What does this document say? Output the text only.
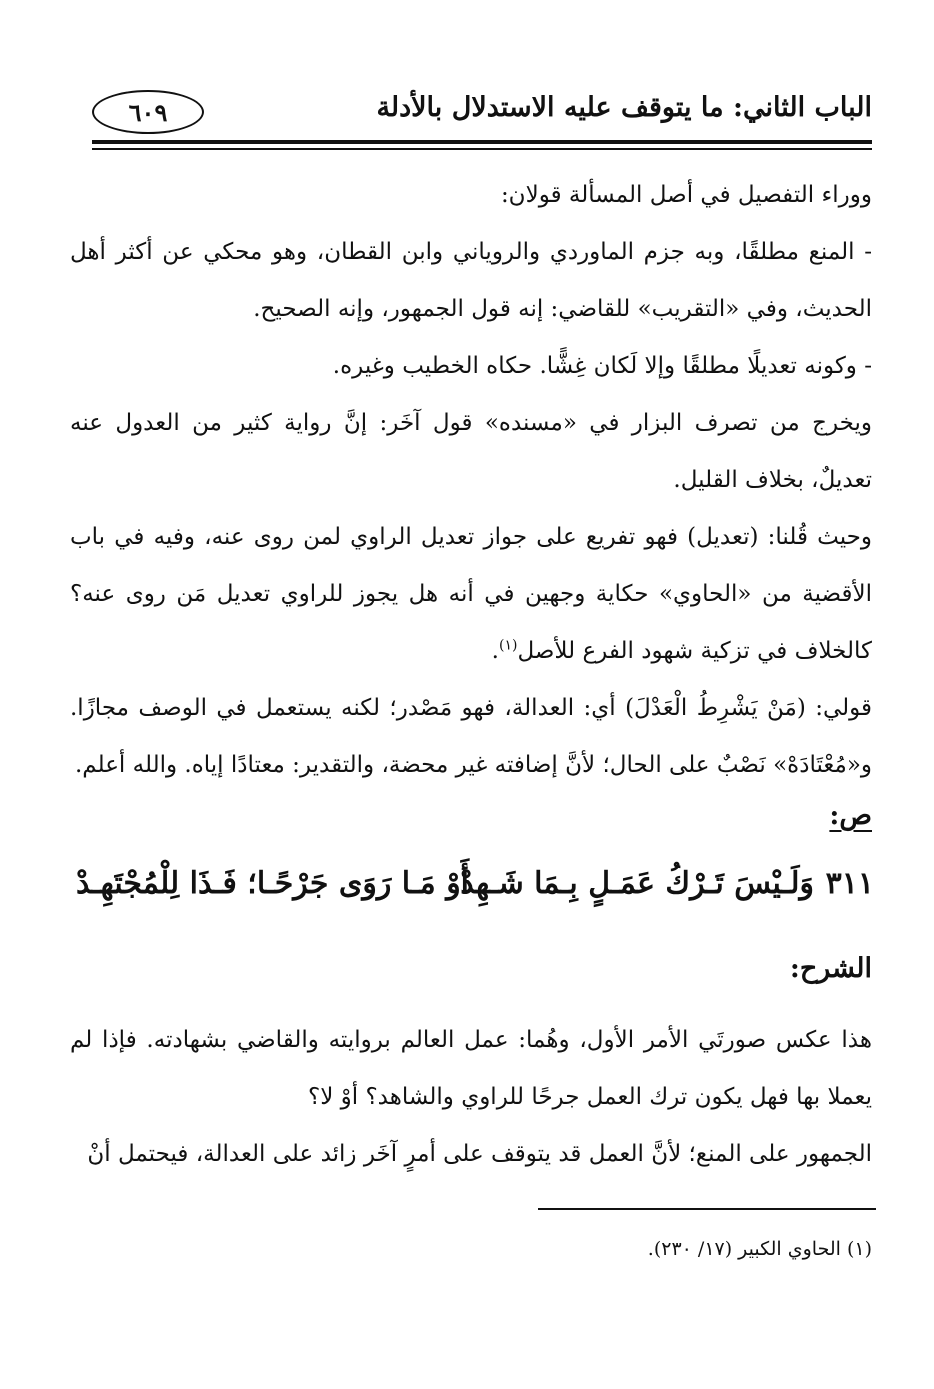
الباب الثاني: ما يتوقف عليه الاستدلال بالأدلة
٦٠٩

ووراء التفصيل في أصل المسألة قولان:

- المنع مطلقًا، وبه جزم الماوردي والروياني وابن القطان، وهو محكي عن أكثر أهل الحديث، وفي «التقريب» للقاضي: إنه قول الجمهور، وإنه الصحيح.

- وكونه تعديلًا مطلقًا وإلا لَكان غِشًّا. حكاه الخطيب وغيره.

ويخرج من تصرف البزار في «مسنده» قول آخَر: إنَّ رواية كثير من العدول عنه تعديلٌ، بخلاف القليل.

وحيث قُلنا: (تعديل) فهو تفريع على جواز تعديل الراوي لمن روى عنه، وفيه في باب الأقضية من «الحاوي» حكاية وجهين في أنه هل يجوز للراوي تعديل مَن روى عنه؟ كالخلاف في تزكية شهود الفرع للأصل$^{(١)}$.

قولي: (مَنْ يَشْرِطُ الْعَدْلَ) أي: العدالة، فهو مَصْدر؛ لكنه يستعمل في الوصف مجازًا. و«مُعْتَادَهْ» نَصْبٌ على الحال؛ لأنَّ إضافته غير محضة، والتقدير: معتادًا إياه. والله أعلم.

ص:
٣١١
وَلَـيْسَ تَـرْكُ عَمَـلٍ بِـمَا شَـهِدْ
أَوْ مَـا رَوَى جَرْحًـا؛ فَـذَا لِلْمُجْتَهِـدْ
الشرح:

هذا عكس صورتَي الأمر الأول، وهُما: عمل العالم بروايته والقاضي بشهادته. فإذا لم يعملا بها فهل يكون ترك العمل جرحًا للراوي والشاهد؟ أوْ لا؟

الجمهور على المنع؛ لأنَّ العمل قد يتوقف على أمرٍ آخَر زائد على العدالة، فيحتمل أنْ

(١) الحاوي الكبير (١٧/ ٢٣٠).
